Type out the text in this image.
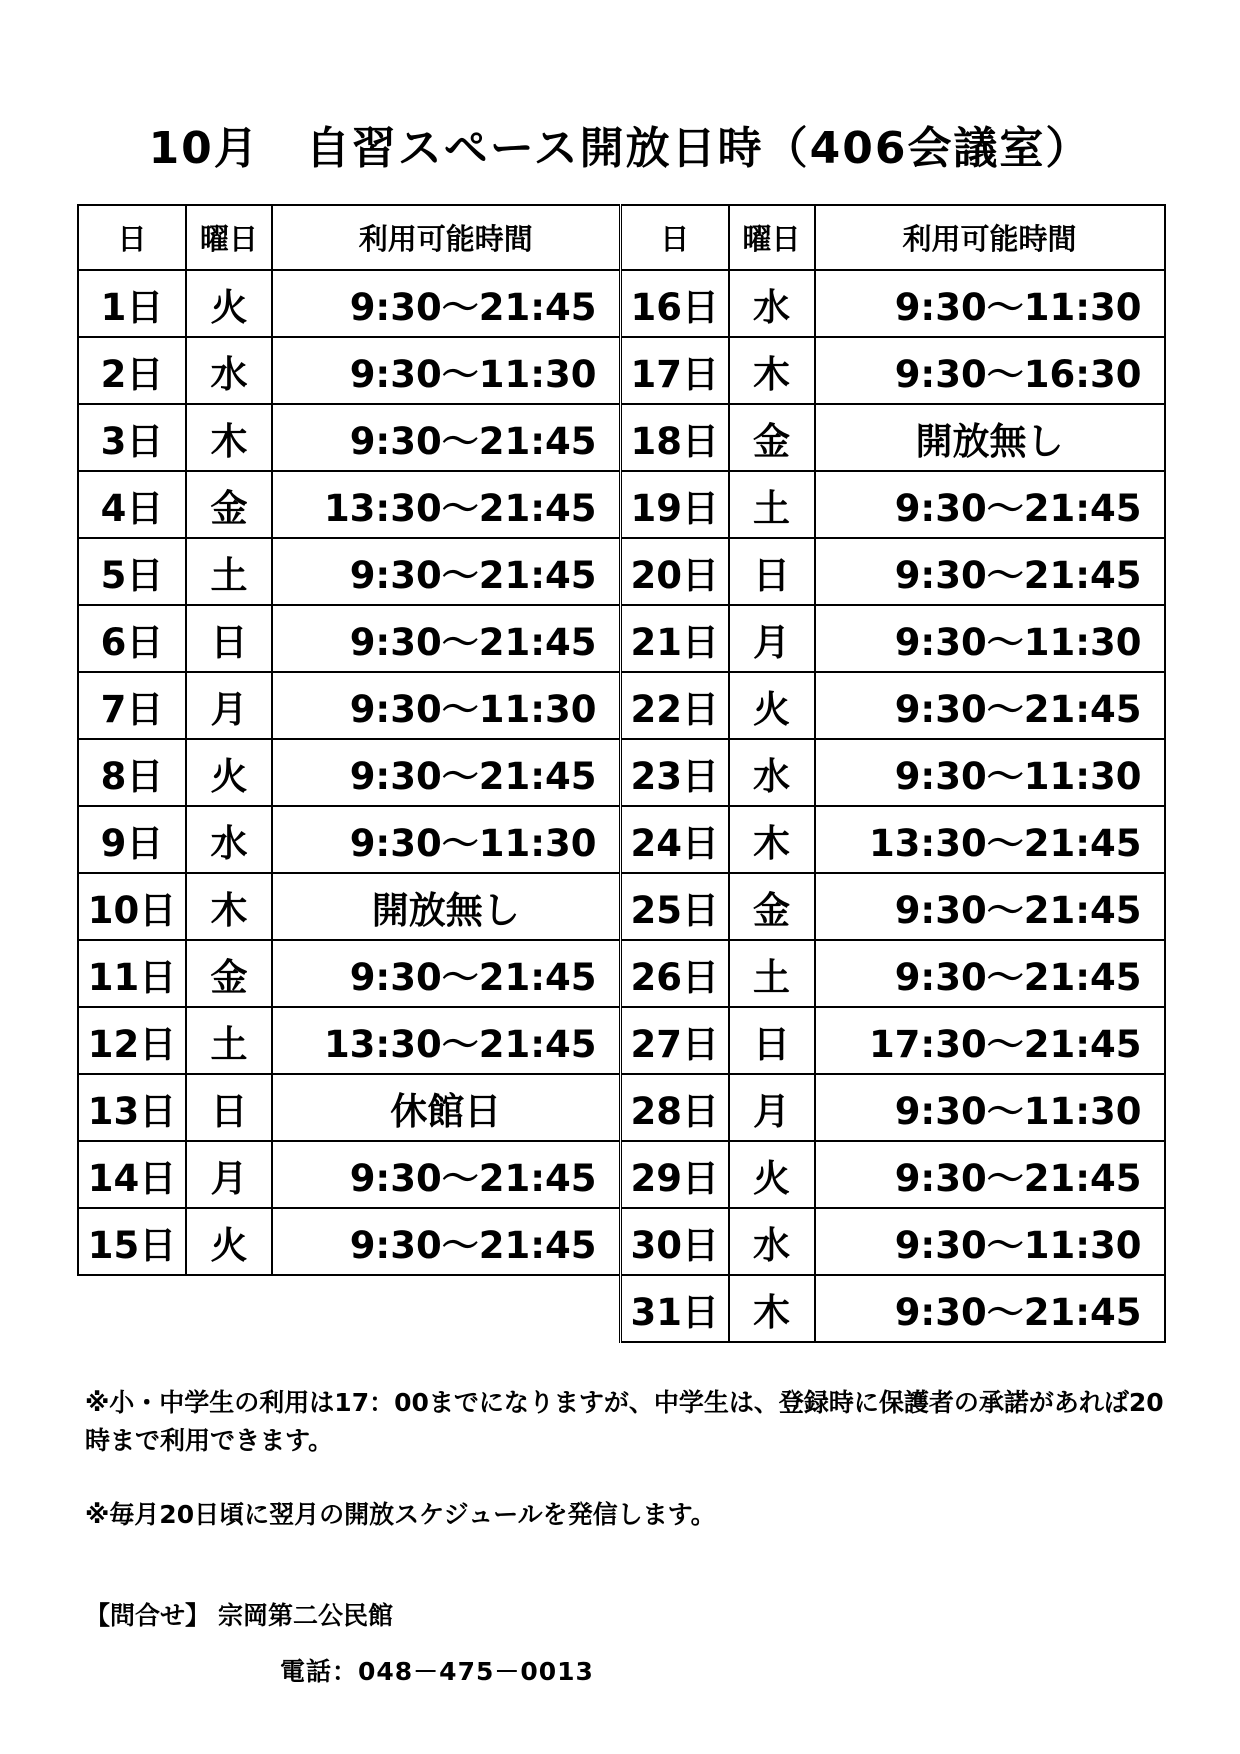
10月　自習スペース開放日時（406会議室）
日	曜日	利用可能時間
1日	火	9:30～21:45
2日	水	9:30～11:30
3日	木	9:30～21:45
4日	金	13:30～21:45
5日	土	9:30～21:45
6日	日	9:30～21:45
7日	月	9:30～11:30
8日	火	9:30～21:45
9日	水	9:30～11:30
10日	木	開放無し
11日	金	9:30～21:45
12日	土	13:30～21:45
13日	日	休館日
14日	月	9:30～21:45
15日	火	9:30～21:45
日	曜日	利用可能時間
16日	水	9:30～11:30
17日	木	9:30～16:30
18日	金	開放無し
19日	土	9:30～21:45
20日	日	9:30～21:45
21日	月	9:30～11:30
22日	火	9:30～21:45
23日	水	9:30～11:30
24日	木	13:30～21:45
25日	金	9:30～21:45
26日	土	9:30～21:45
27日	日	17:30～21:45
28日	月	9:30～11:30
29日	火	9:30～21:45
30日	水	9:30～11:30
31日	木	9:30～21:45

※小・中学生の利用は17：00までになりますが、中学生は、登録時に保護者の承諾があれば20時まで利用できます。

※毎月20日頃に翌月の開放スケジュールを発信します。

【問合せ】 宗岡第二公民館
電話：048－475－0013
